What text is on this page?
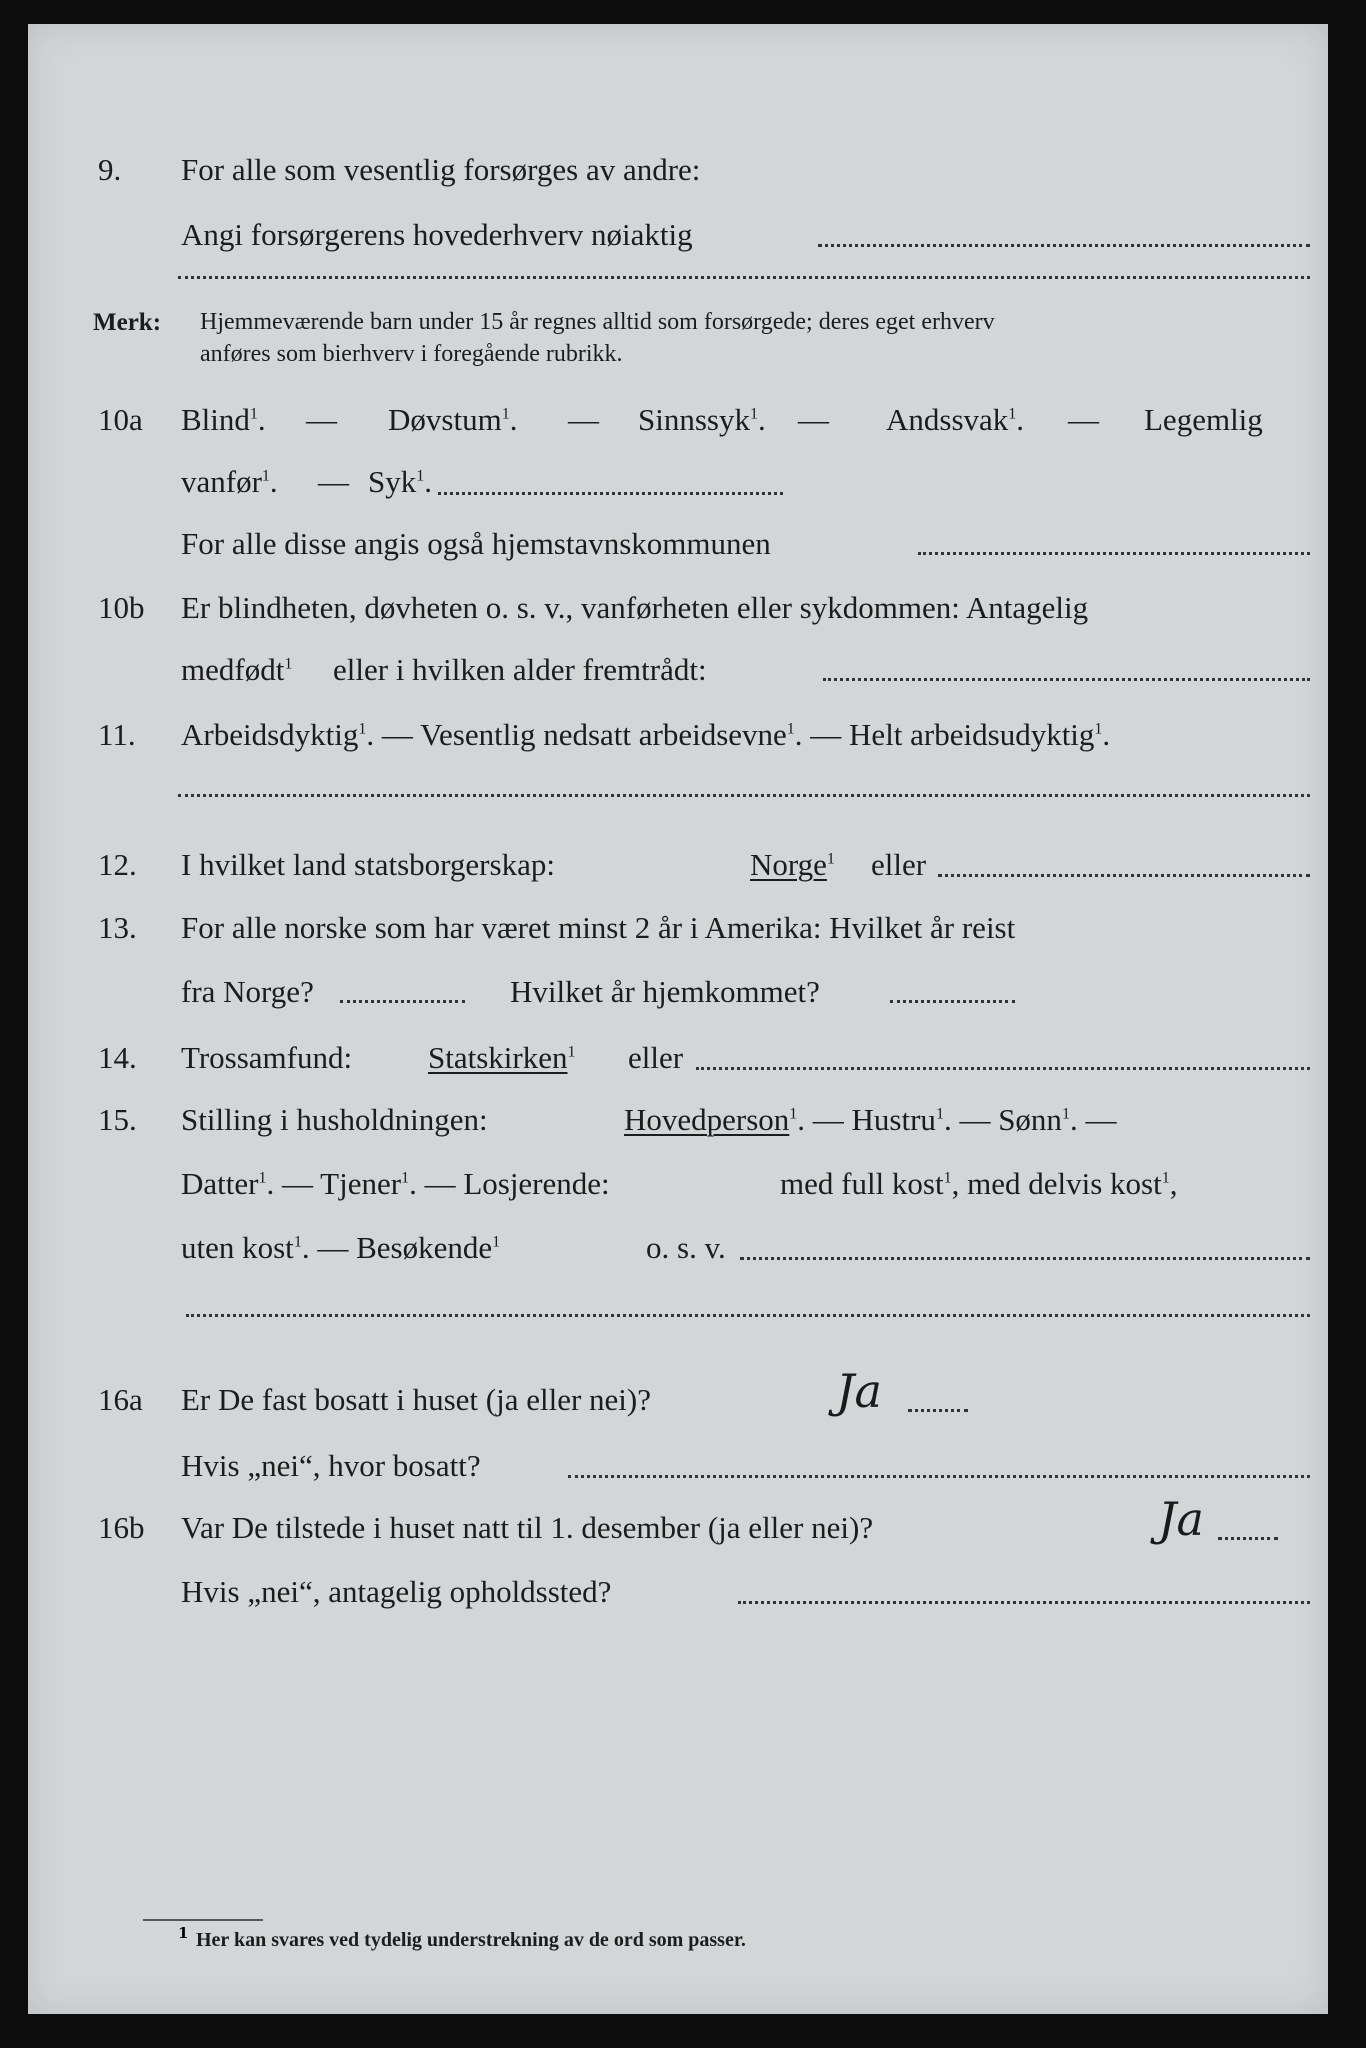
9. For alle som vesentlig forsørges av andre:
Angi forsørgerens hovederhverv nøiaktig
Merk: Hjemmeværende barn under 15 år regnes alltid som forsørgede; deres eget erhverv
anføres som bierhverv i foregående rubrikk.
10a Blind$^1$. — Døvstum$^1$. — Sinnssyk$^1$. — Andssvak$^1$. — Legemlig
vanfør$^1$. — Syk$^1$.
For alle disse angis også hjemstavnskommunen
10b Er blindheten, døvheten o. s. v., vanførheten eller sykdommen: Antagelig
medfødt$^1$ eller i hvilken alder fremtrådt:
11. Arbeidsdyktig$^1$. — Vesentlig nedsatt arbeidsevne$^1$. — Helt arbeidsudyktig$^1$.
12. I hvilket land statsborgerskap:	Norge$^1$ eller
13. For alle norske som har været minst 2 år i Amerika: Hvilket år reist
fra Norge?	Hvilket år hjemkommet?
14. Trossamfund: Statskirken$^1$ eller
15. Stilling i husholdningen:	Hovedperson$^1$. — Hustru$^1$. — Sønn$^1$. —
Datter$^1$. — Tjener$^1$. — Losjerende:	med full kost$^1$, med delvis kost$^1$,
uten kost$^1$. — Besøkende$^1$	o. s. v.
16a Er De fast bosatt i huset (ja eller nei)?	Ja
Hvis „nei“, hvor bosatt?
16b Var De tilstede i huset natt til 1. desember (ja eller nei)?	Ja
Hvis „nei“, antagelig opholdssted?
1 Her kan svares ved tydelig understrekning av de ord som passer.
